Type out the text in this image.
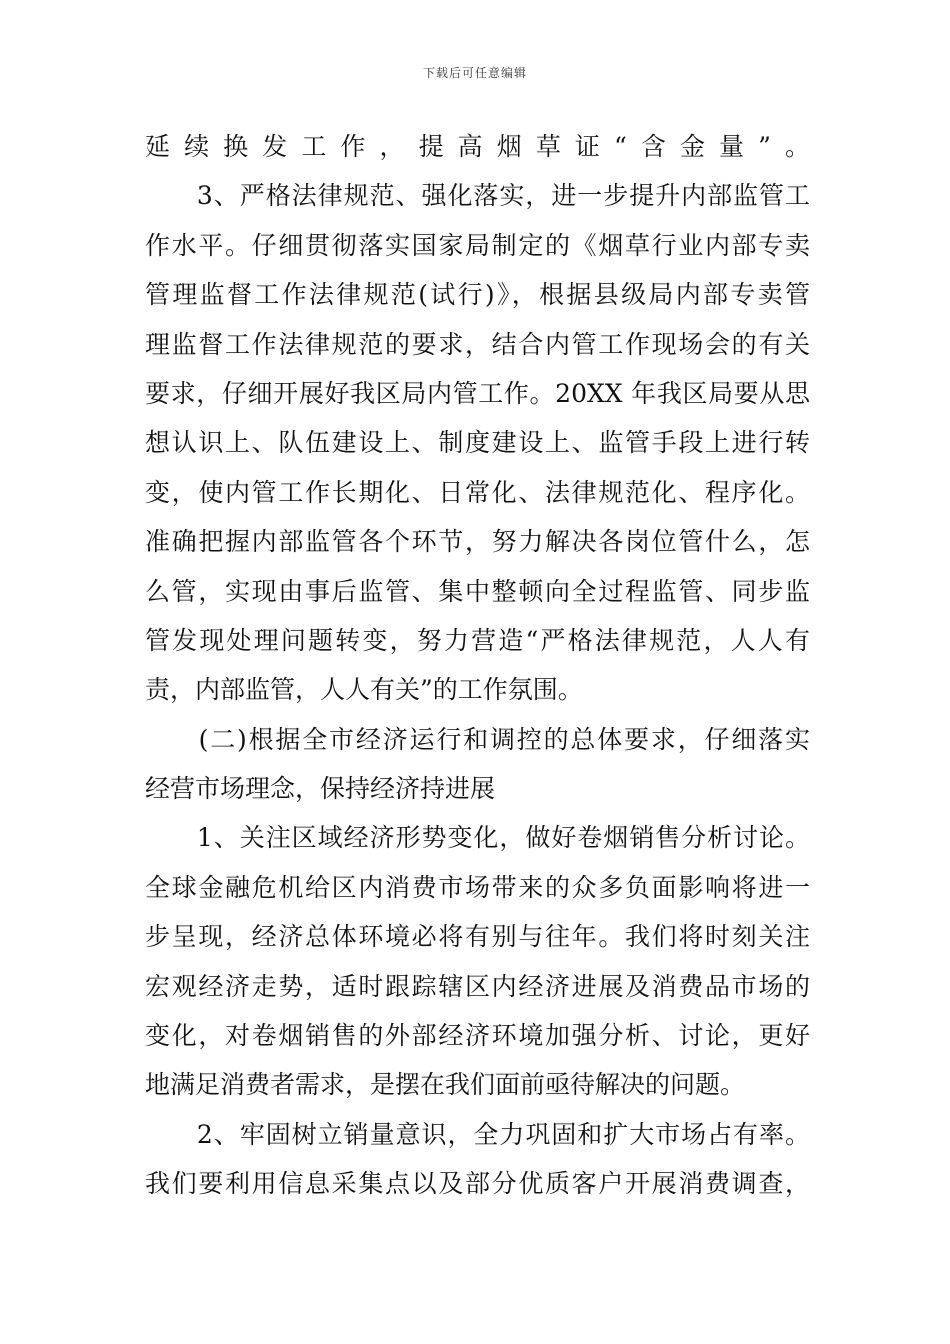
下载后可任意编辑
延续换发工作，提高烟草证“含金量”。
　　3、严格法律规范、强化落实，进一步提升内部监管工
作水平。仔细贯彻落实国家局制定的《烟草行业内部专卖
管理监督工作法律规范(试行)》，根据县级局内部专卖管
理监督工作法律规范的要求，结合内管工作现场会的有关
要求，仔细开展好我区局内管工作。20XX 年我区局要从思
想认识上、队伍建设上、制度建设上、监管手段上进行转
变，使内管工作长期化、日常化、法律规范化、程序化。
准确把握内部监管各个环节，努力解决各岗位管什么，怎
么管，实现由事后监管、集中整顿向全过程监管、同步监
管发现处理问题转变，努力营造“严格法律规范，人人有
责，内部监管，人人有关”的工作氛围。
　　(二)根据全市经济运行和调控的总体要求，仔细落实
经营市场理念，保持经济持进展
　　1、关注区域经济形势变化，做好卷烟销售分析讨论。
全球金融危机给区内消费市场带来的众多负面影响将进一
步呈现，经济总体环境必将有别与往年。我们将时刻关注
宏观经济走势，适时跟踪辖区内经济进展及消费品市场的
变化，对卷烟销售的外部经济环境加强分析、讨论，更好
地满足消费者需求，是摆在我们面前亟待解决的问题。
　　2、牢固树立销量意识，全力巩固和扩大市场占有率。
我们要利用信息采集点以及部分优质客户开展消费调查，
